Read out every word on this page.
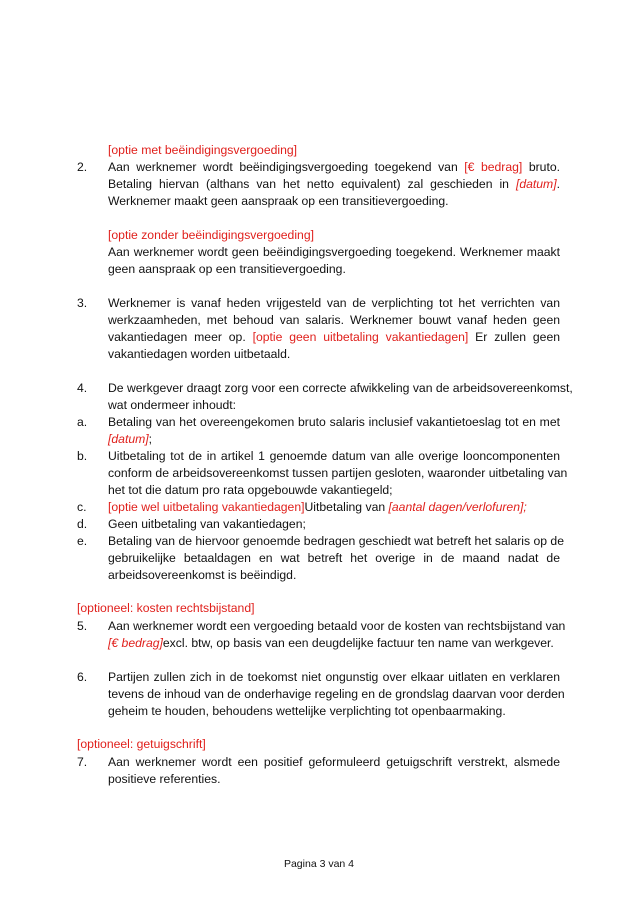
[optie met beëindigingsvergoeding]
2. Aan werknemer wordt beëindigingsvergoeding toegekend van [€ bedrag] bruto.
Betaling hiervan (althans van het netto equivalent) zal geschieden in [datum].
Werknemer maakt geen aanspraak op een transitievergoeding.
[optie zonder beëindigingsvergoeding]
Aan werknemer wordt geen beëindigingsvergoeding toegekend. Werknemer maakt
geen aanspraak op een transitievergoeding.
3. Werknemer is vanaf heden vrijgesteld van de verplichting tot het verrichten van
werkzaamheden, met behoud van salaris. Werknemer bouwt vanaf heden geen
vakantiedagen meer op. [optie geen uitbetaling vakantiedagen] Er zullen geen
vakantiedagen worden uitbetaald.
4. De werkgever draagt zorg voor een correcte afwikkeling van de arbeidsovereenkomst,
wat ondermeer inhoudt:
a. Betaling van het overeengekomen bruto salaris inclusief vakantietoeslag tot en met
[datum];
b. Uitbetaling tot de in artikel 1 genoemde datum van alle overige looncomponenten
conform de arbeidsovereenkomst tussen partijen gesloten, waaronder uitbetaling van
het tot die datum pro rata opgebouwde vakantiegeld;
c. [optie wel uitbetaling vakantiedagen]Uitbetaling van [aantal dagen/verlofuren];
d. Geen uitbetaling van vakantiedagen;
e. Betaling van de hiervoor genoemde bedragen geschiedt wat betreft het salaris op de
gebruikelijke betaaldagen en wat betreft het overige in de maand nadat de
arbeidsovereenkomst is beëindigd.
[optioneel: kosten rechtsbijstand]
5. Aan werknemer wordt een vergoeding betaald voor de kosten van rechtsbijstand van
[€ bedrag]excl. btw, op basis van een deugdelijke factuur ten name van werkgever.
6. Partijen zullen zich in de toekomst niet ongunstig over elkaar uitlaten en verklaren
tevens de inhoud van de onderhavige regeling en de grondslag daarvan voor derden
geheim te houden, behoudens wettelijke verplichting tot openbaarmaking.
[optioneel: getuigschrift]
7. Aan werknemer wordt een positief geformuleerd getuigschrift verstrekt, alsmede
positieve referenties.
Pagina 3 van 4
